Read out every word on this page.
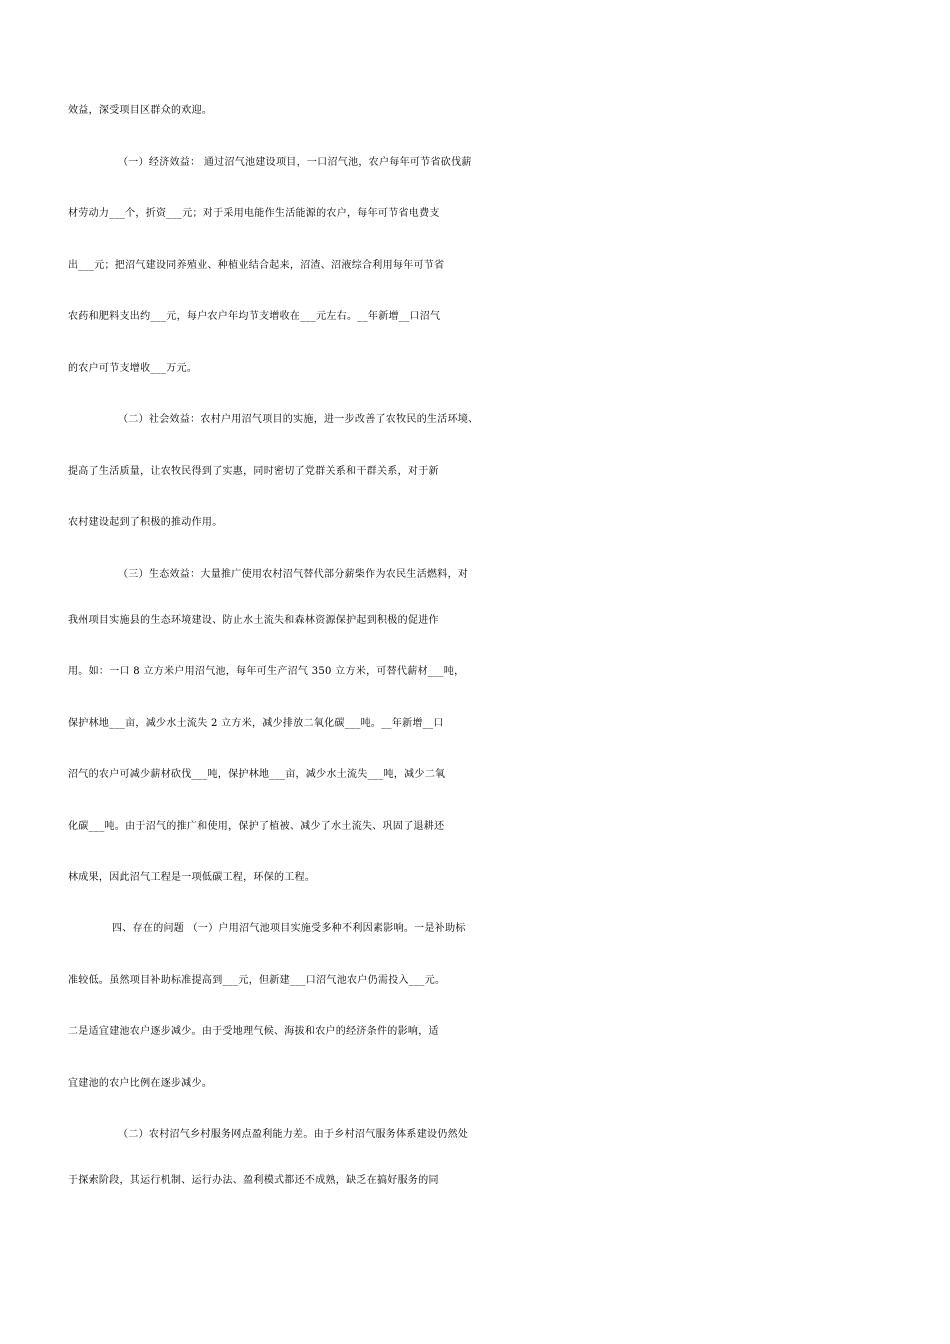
效益，深受项目区群众的欢迎。
（一）经济效益： 通过沼气池建设项目，一口沼气池，农户每年可节省砍伐薪
材劳动力___个，折资___元；对于采用电能作生活能源的农户，每年可节省电费支
出___元；把沼气建设同养殖业、种植业结合起来，沼渣、沼液综合利用每年可节省
农药和肥料支出约___元，每户农户年均节支增收在___元左右。__年新增__口沼气
的农户可节支增收___万元。
（二）社会效益：农村户用沼气项目的实施，进一步改善了农牧民的生活环境、
提高了生活质量，让农牧民得到了实惠，同时密切了党群关系和干群关系，对于新
农村建设起到了积极的推动作用。
（三）生态效益：大量推广使用农村沼气替代部分薪柴作为农民生活燃料，对
我州项目实施县的生态环境建设、防止水土流失和森林资源保护起到积极的促进作
用。如：一口 8 立方米户用沼气池，每年可生产沼气 350 立方米，可替代薪材___吨，
保护林地___亩，减少水土流失 2 立方米，减少排放二氧化碳___吨。__年新增__口
沼气的农户可减少薪材砍伐___吨，保护林地___亩，减少水土流失___吨，减少二氧
化碳___吨。由于沼气的推广和使用，保护了植被、减少了水土流失、巩固了退耕还
林成果，因此沼气工程是一项低碳工程，环保的工程。
四、存在的问题 （一）户用沼气池项目实施受多种不利因素影响。一是补助标
准较低。虽然项目补助标准提高到___元，但新建___口沼气池农户仍需投入___元。
二是适宜建池农户逐步减少。由于受地理气候、海拔和农户的经济条件的影响，适
宜建池的农户比例在逐步减少。
（二）农村沼气乡村服务网点盈利能力差。由于乡村沼气服务体系建设仍然处
于探索阶段，其运行机制、运行办法、盈利模式都还不成熟，缺乏在搞好服务的同
